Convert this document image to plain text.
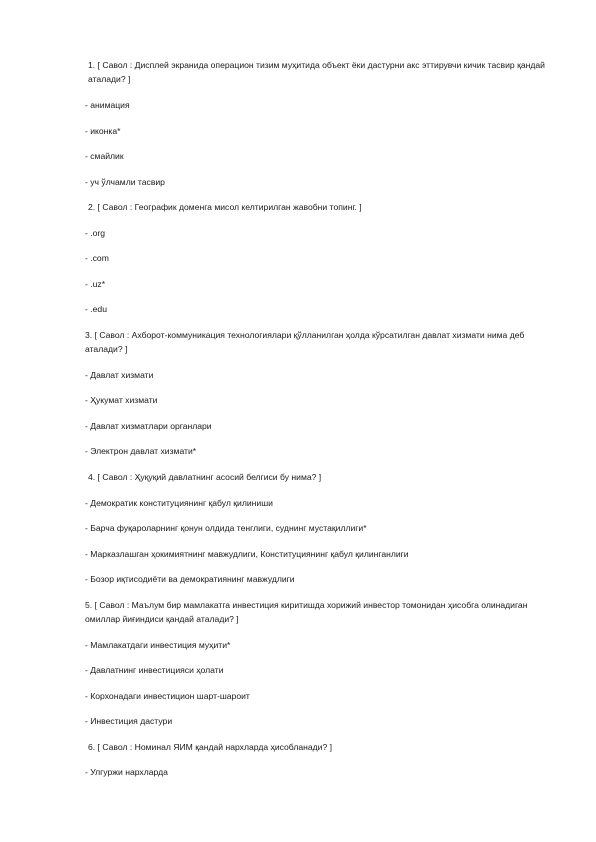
1. [ Савол : Дисплей экранида операцион тизим муҳитида объект ёки дастурни акс эттирувчи кичик тасвир қандай аталади? ]

- анимация

- иконка*

- смайлик

- уч ўлчамли тасвир

2. [ Савол : Географик доменга мисол келтирилган жавобни топинг. ]

- .org

- .com

- .uz*

- .edu

3. [ Савол : Ахборот-коммуникация технологиялари қўлланилган ҳолда кўрсатилган давлат хизмати нима деб аталади? ]

- Давлат хизмати

- Ҳукумат хизмати

- Давлат хизматлари органлари

- Электрон давлат хизмати*

4. [ Савол : Ҳуқуқий давлатнинг асосий белгиси бу нима? ]

- Демократик конституциянинг қабул қилиниши

- Барча фуқароларнинг қонун олдида тенглиги, суднинг мустақиллиги*

- Марказлашган ҳокимиятнинг мавжудлиги, Конституциянинг қабул қилинганлиги

- Бозор иқтисодиёти ва демократиянинг мавжудлиги

5. [ Савол : Маълум бир мамлакатга инвестиция киритишда хорижий инвестор томонидан ҳисобга олинадиган омиллар йиғиндиси қандай аталади? ]

- Мамлакатдаги инвестиция муҳити*

- Давлатнинг инвестицияси ҳолати

- Корхонадаги инвестицион шарт-шароит

- Инвестиция дастури

6. [ Савол : Номинал ЯИМ қандай нархларда ҳисобланади? ]

- Улгуржи нархларда
